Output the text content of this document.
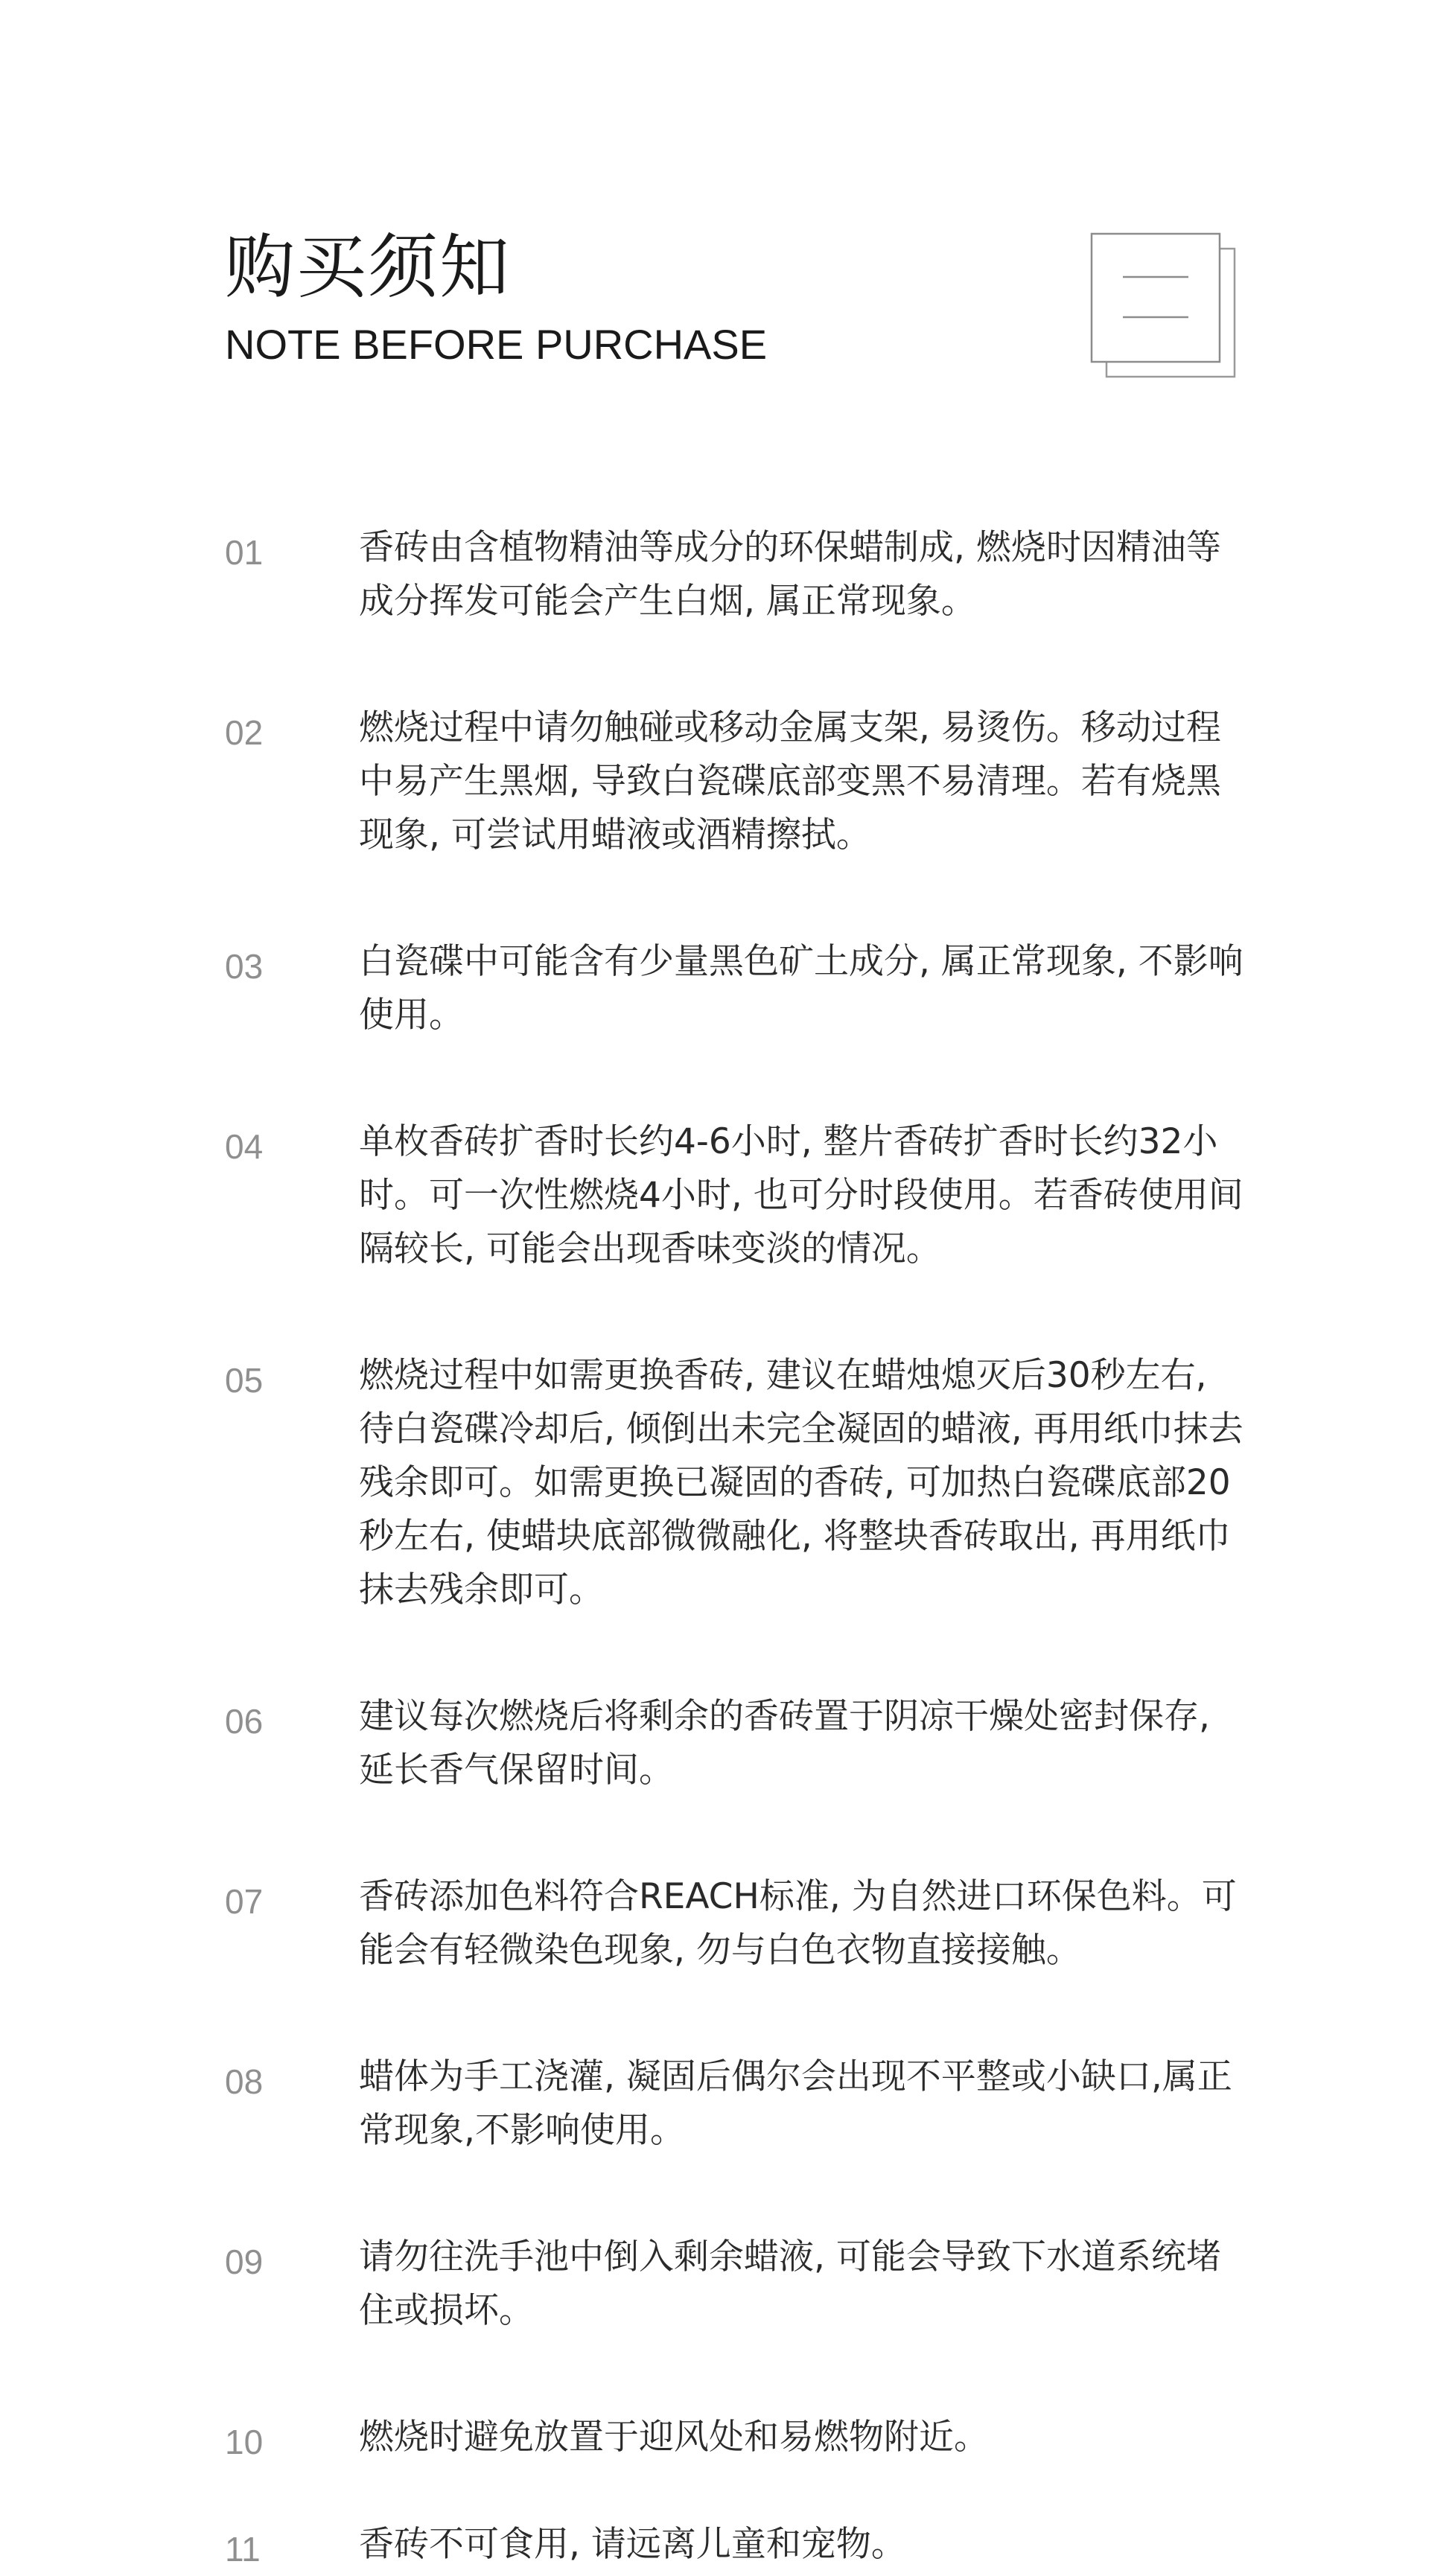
购买须知
NOTE BEFORE PURCHASE
01	香砖由含植物精油等成分的环保蜡制成, 燃烧时因精油等成分挥发可能会产生白烟, 属正常现象。
02	燃烧过程中请勿触碰或移动金属支架, 易烫伤。移动过程中易产生黑烟, 导致白瓷碟底部变黑不易清理。若有烧黑现象, 可尝试用蜡液或酒精擦拭。
03	白瓷碟中可能含有少量黑色矿土成分, 属正常现象, 不影响使用。
04	单枚香砖扩香时长约4-6小时, 整片香砖扩香时长约32小时。可一次性燃烧4小时, 也可分时段使用。若香砖使用间隔较长, 可能会出现香味变淡的情况。
05	燃烧过程中如需更换香砖, 建议在蜡烛熄灭后30秒左右, 待白瓷碟冷却后, 倾倒出未完全凝固的蜡液, 再用纸巾抹去残余即可。如需更换已凝固的香砖, 可加热白瓷碟底部20秒左右, 使蜡块底部微微融化, 将整块香砖取出, 再用纸巾抹去残余即可。
06	建议每次燃烧后将剩余的香砖置于阴凉干燥处密封保存, 延长香气保留时间。
07	香砖添加色料符合REACH标准, 为自然进口环保色料。可能会有轻微染色现象, 勿与白色衣物直接接触。
08	蜡体为手工浇灌, 凝固后偶尔会出现不平整或小缺口,属正常现象,不影响使用。
09	请勿往洗手池中倒入剩余蜡液, 可能会导致下水道系统堵住或损坏。
10	燃烧时避免放置于迎风处和易燃物附近。
11	香砖不可食用, 请远离儿童和宠物。
